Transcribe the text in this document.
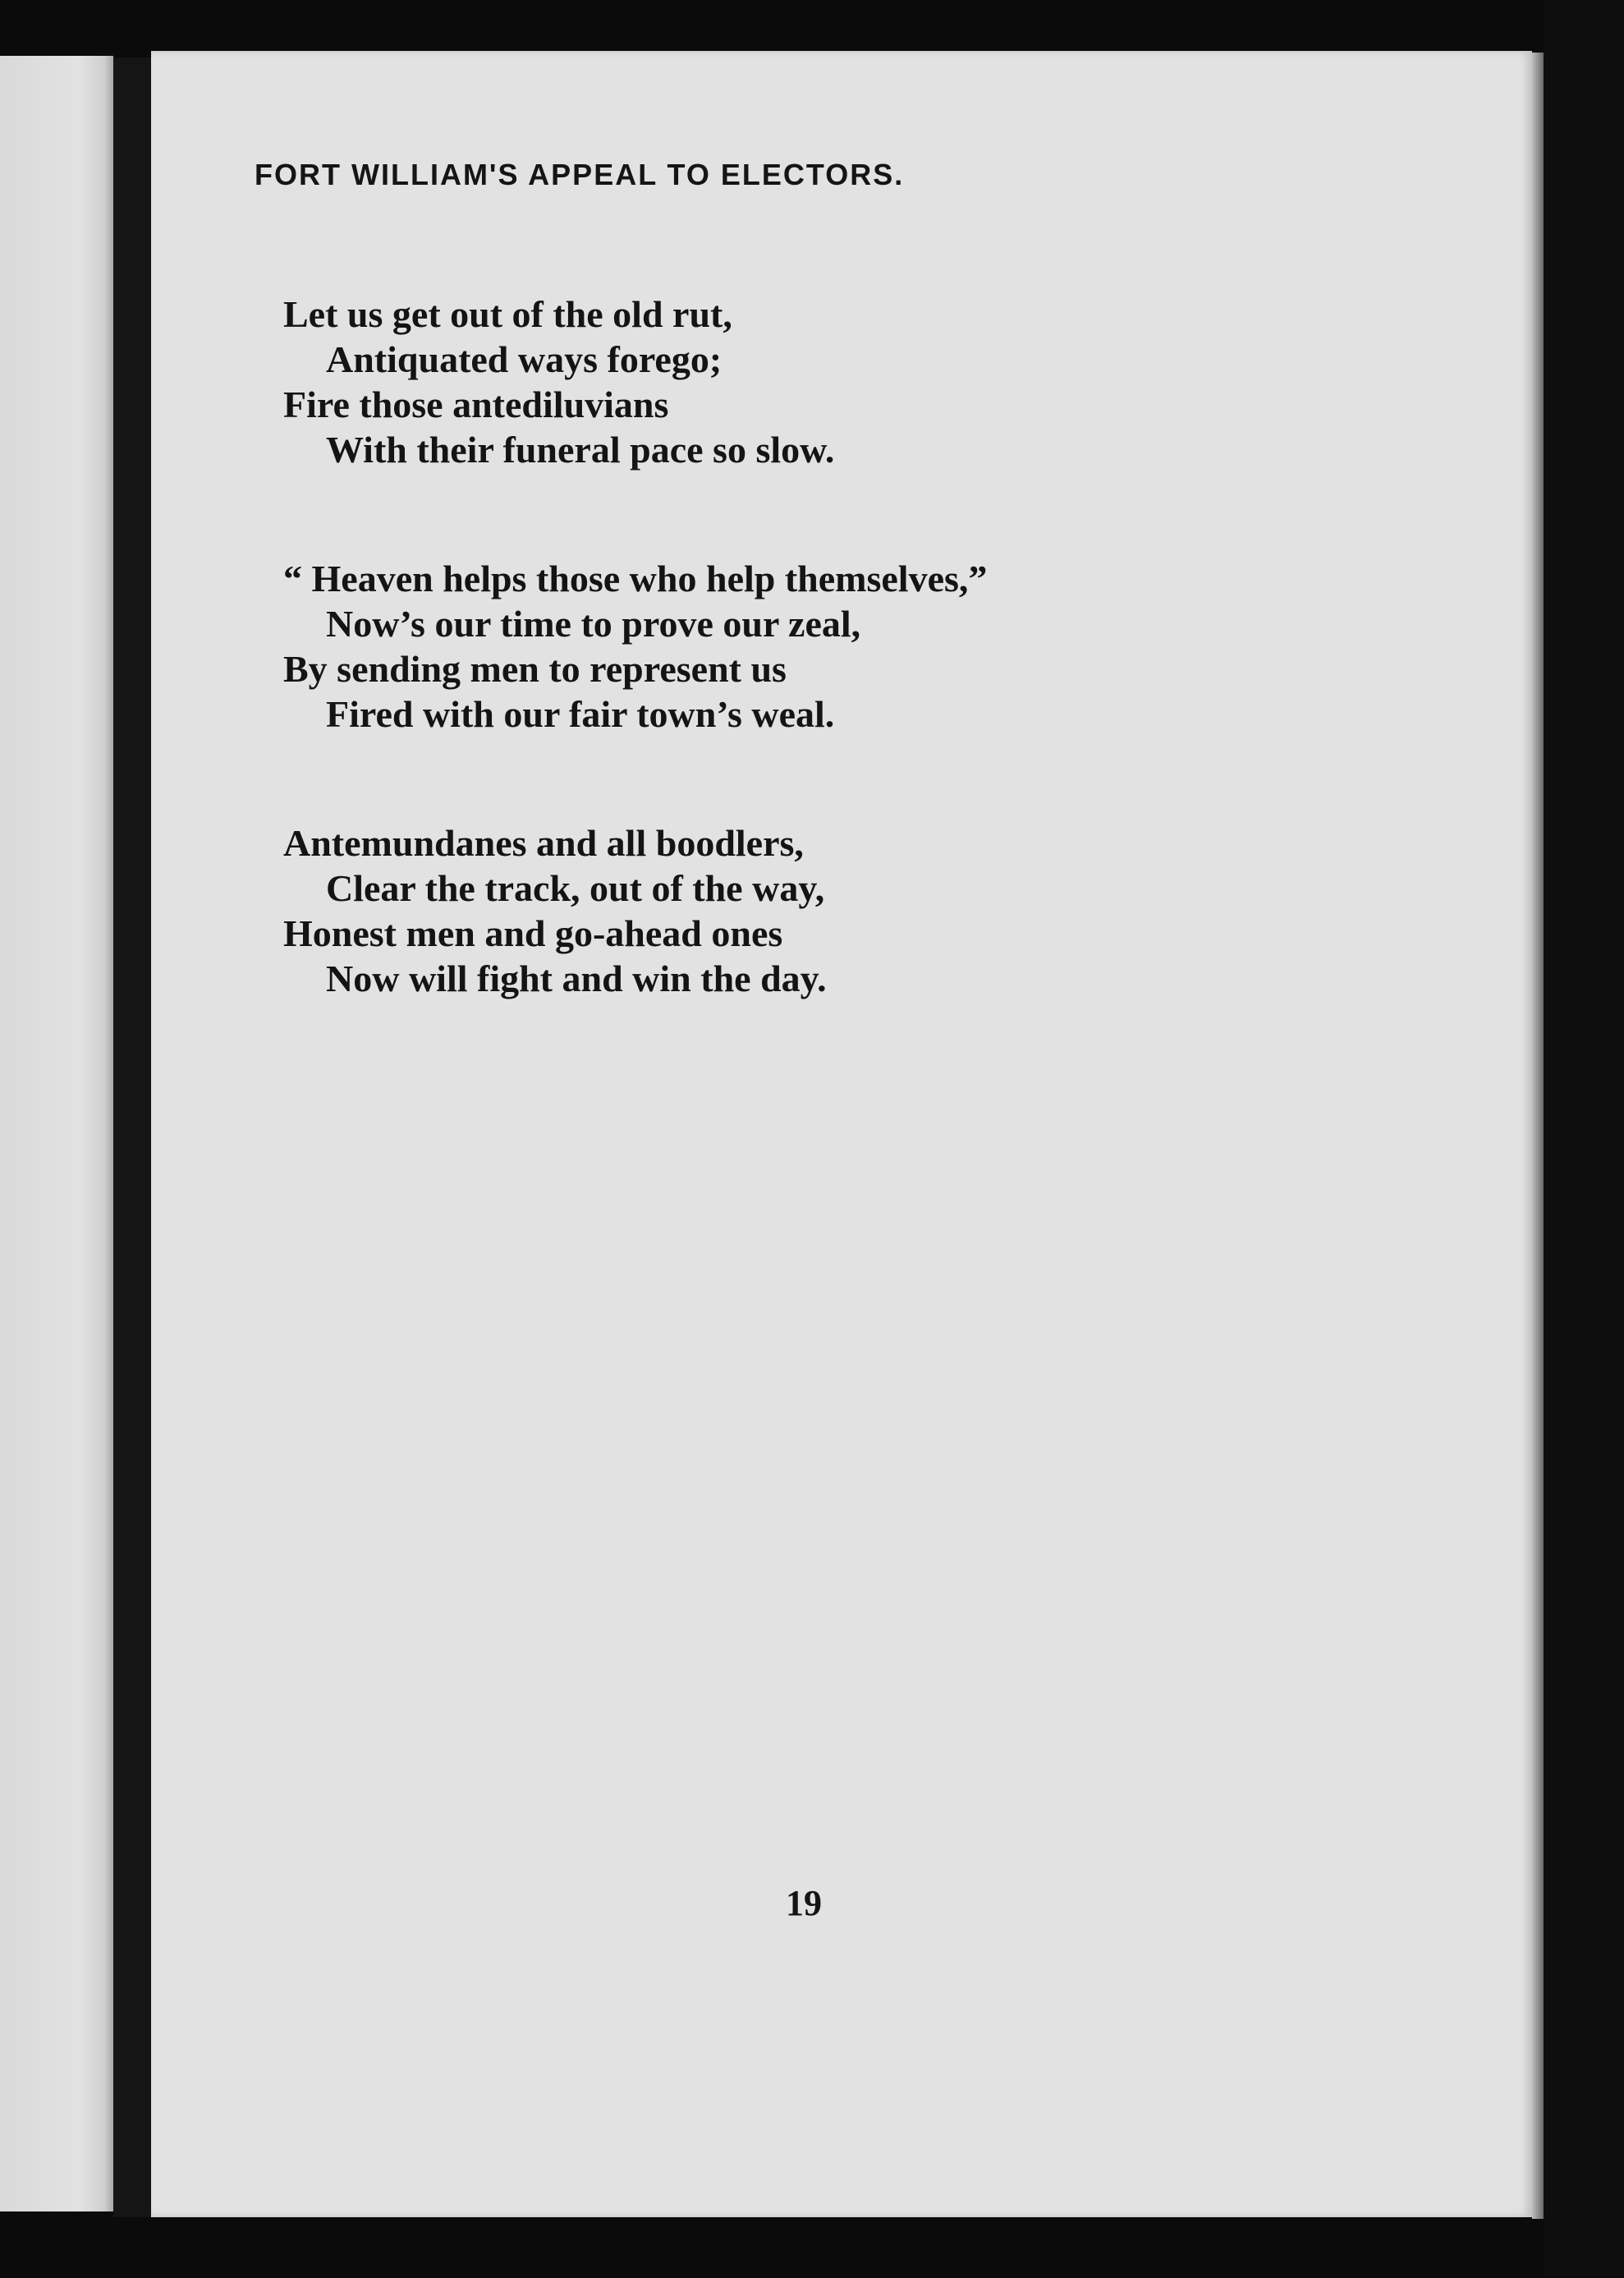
FORT WILLIAM'S APPEAL TO ELECTORS.
Let us get out of the old rut,
Antiquated ways forego;
Fire those antediluvians
With their funeral pace so slow.
“ Heaven helps those who help themselves,”
Now’s our time to prove our zeal,
By sending men to represent us
Fired with our fair town’s weal.
Antemundanes and all boodlers,
Clear the track, out of the way,
Honest men and go-ahead ones
Now will fight and win the day.
19
